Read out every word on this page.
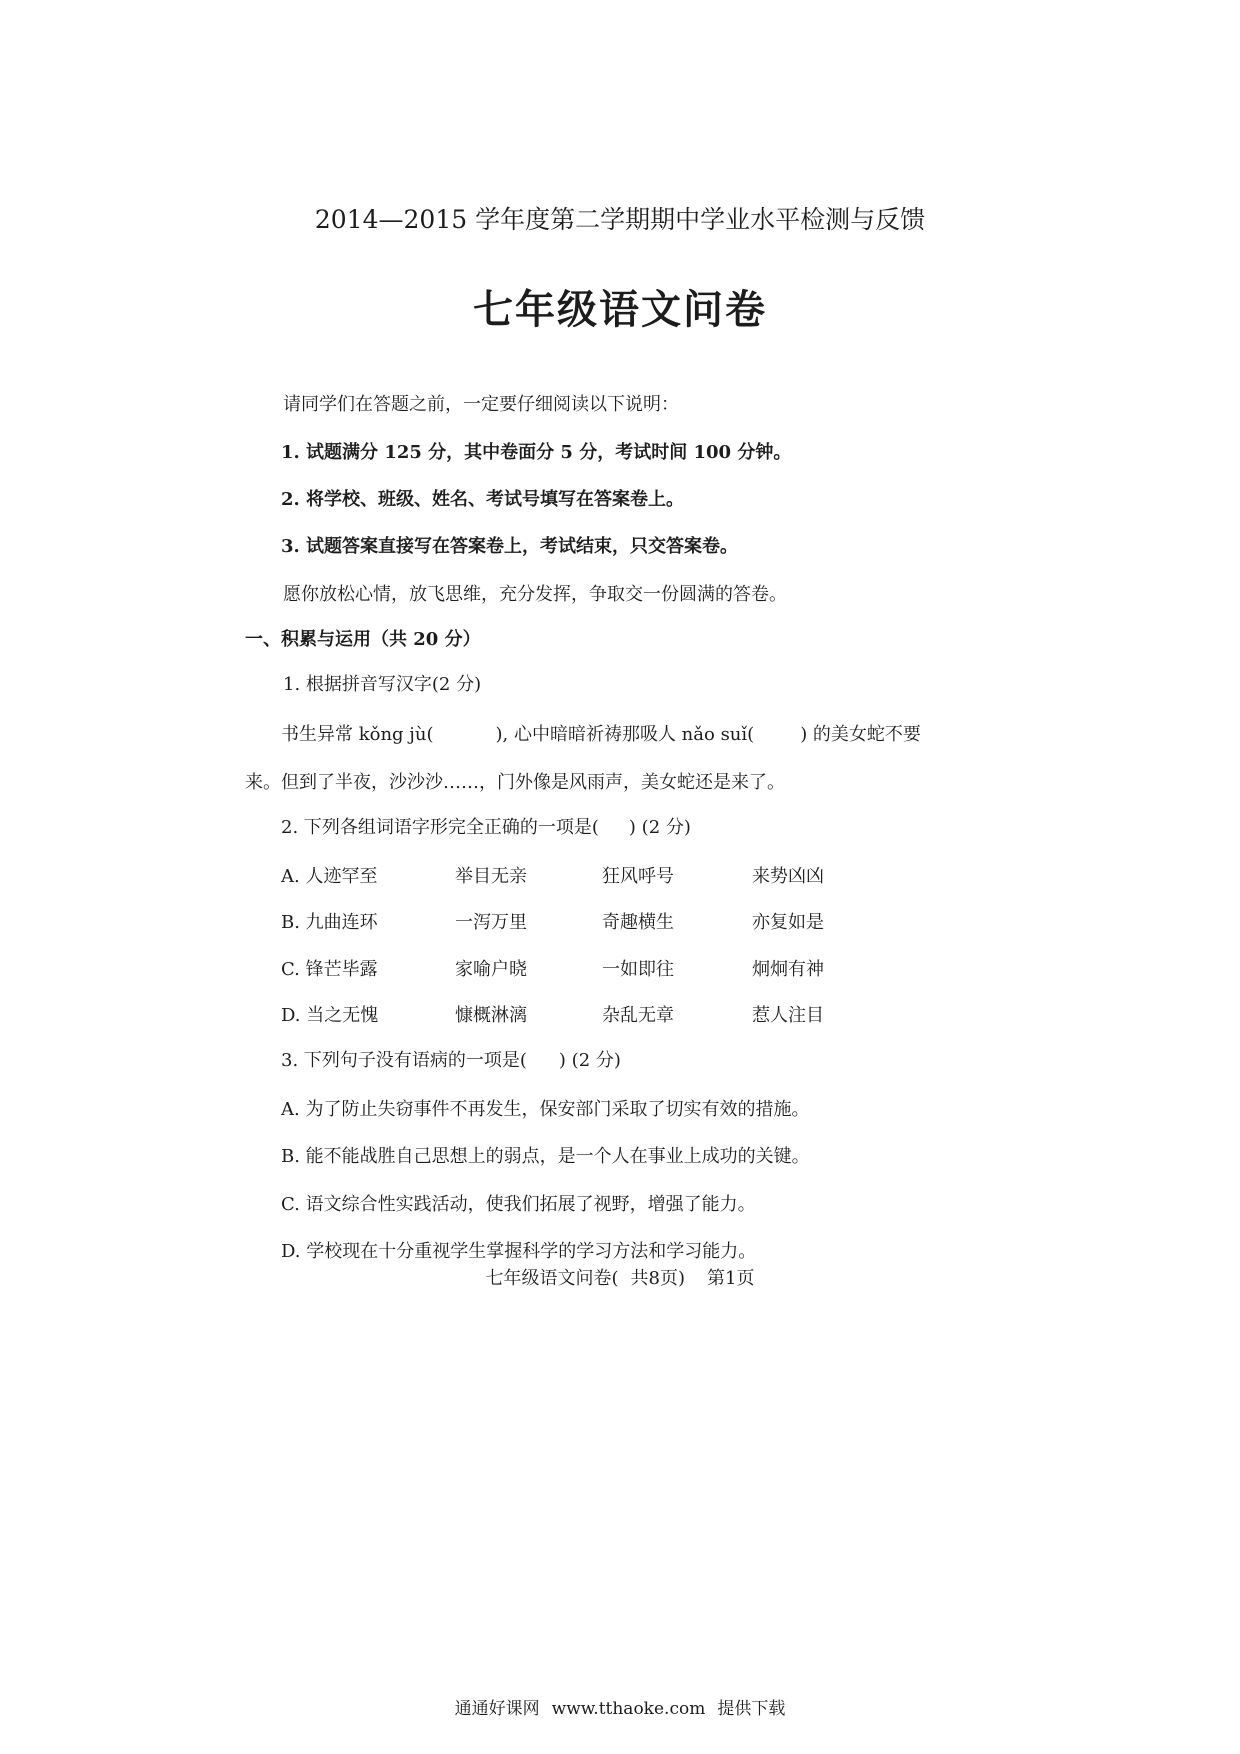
2014—2015 学年度第二学期期中学业水平检测与反馈
七年级语文问卷
请同学们在答题之前，一定要仔细阅读以下说明：
1. 试题满分 125 分，其中卷面分 5 分，考试时间 100 分钟。
2. 将学校、班级、姓名、考试号填写在答案卷上。
3. 试题答案直接写在答案卷上，考试结束，只交答案卷。
愿你放松心情，放飞思维，充分发挥，争取交一份圆满的答卷。
一、积累与运用（共 20 分）
1. 根据拼音写汉字(2 分)
书生异常 kǒng jù(	), 心中暗暗祈祷那吸人 nǎo suǐ(	) 的美女蛇不要
来。但到了半夜，沙沙沙……，门外像是风雨声，美女蛇还是来了。
2. 下列各组词语字形完全正确的一项是( ) (2 分)
A. 人迹罕至	举目无亲	狂风呼号	来势凶凶
B. 九曲连环	一泻万里	奇趣横生	亦复如是
C. 锋芒毕露	家喻户晓	一如即往	炯炯有神
D. 当之无愧	慷概淋漓	杂乱无章	惹人注目
3. 下列句子没有语病的一项是( ) (2 分)
A. 为了防止失窃事件不再发生，保安部门采取了切实有效的措施。
B. 能不能战胜自己思想上的弱点，是一个人在事业上成功的关键。
C. 语文综合性实践活动，使我们拓展了视野，增强了能力。
D. 学校现在十分重视学生掌握科学的学习方法和学习能力。
七年级语文问卷( 共8页) 第1页
通通好课网 www.tthaoke.com 提供下载
